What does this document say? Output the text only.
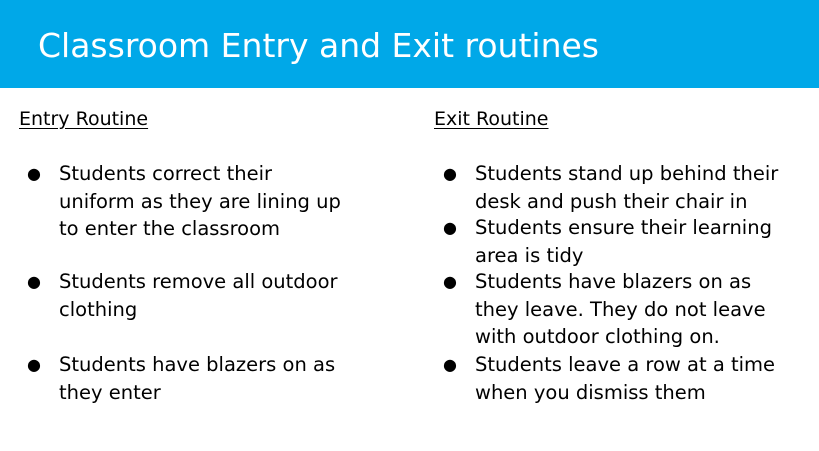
Classroom Entry and Exit routines
Entry Routine	Exit Routine
● Students correct their
uniform as they are lining up
to enter the classroom
● Students remove all outdoor
clothing
● Students have blazers on as
they enter
● Students stand up behind their
desk and push their chair in
● Students ensure their learning
area is tidy
● Students have blazers on as
they leave. They do not leave
with outdoor clothing on.
● Students leave a row at a time
when you dismiss them
